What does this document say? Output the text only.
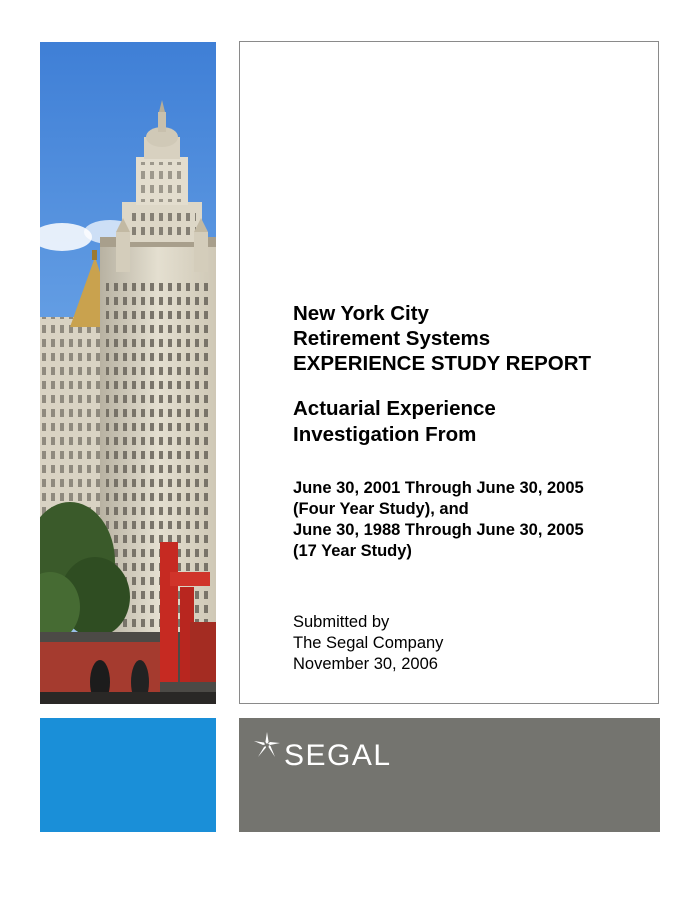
New York City
Retirement Systems
EXPERIENCE STUDY REPORT

Actuarial Experience
Investigation From

June 30, 2001 Through June 30, 2005
(Four Year Study), and
June 30, 1988 Through June 30, 2005
(17 Year Study)

Submitted by
The Segal Company
November 30, 2006

SEGAL
